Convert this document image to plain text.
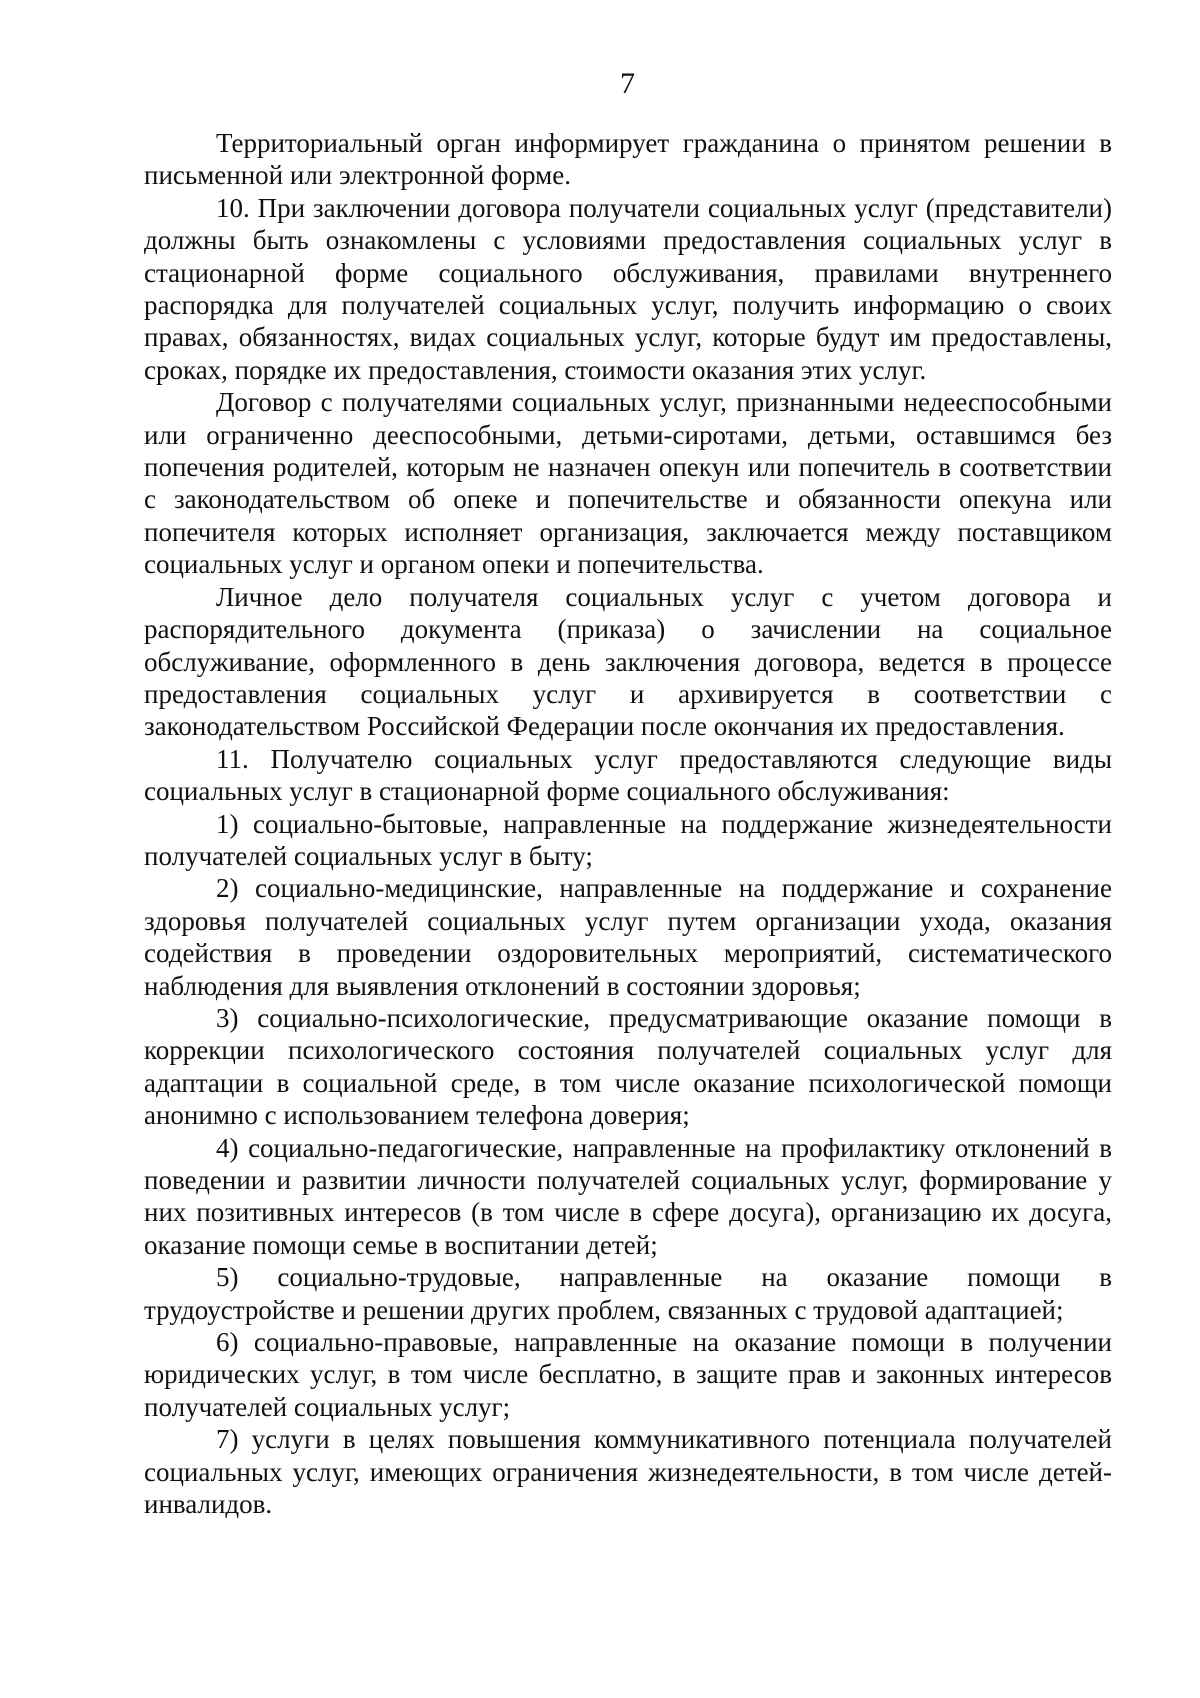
7

Территориальный орган информирует гражданина о принятом решении в письменной или электронной форме.

10. При заключении договора получатели социальных услуг (представители) должны быть ознакомлены с условиями предоставления социальных услуг в стационарной форме социального обслуживания, правилами внутреннего распорядка для получателей социальных услуг, получить информацию о своих правах, обязанностях, видах социальных услуг, которые будут им предоставлены, сроках, порядке их предоставления, стоимости оказания этих услуг.

Договор с получателями социальных услуг, признанными недееспособными или ограниченно дееспособными, детьми-сиротами, детьми, оставшимся без попечения родителей, которым не назначен опекун или попечитель в соответствии с законодательством об опеке и попечительстве и обязанности опекуна или попечителя которых исполняет организация, заключается между поставщиком социальных услуг и органом опеки и попечительства.

Личное дело получателя социальных услуг с учетом договора и распорядительного документа (приказа) о зачислении на социальное обслуживание, оформленного в день заключения договора, ведется в процессе предоставления социальных услуг и архивируется в соответствии с законодательством Российской Федерации после окончания их предоставления.

11. Получателю социальных услуг предоставляются следующие виды социальных услуг в стационарной форме социального обслуживания:

1) социально-бытовые, направленные на поддержание жизнедеятельности получателей социальных услуг в быту;

2) социально-медицинские, направленные на поддержание и сохранение здоровья получателей социальных услуг путем организации ухода, оказания содействия в проведении оздоровительных мероприятий, систематического наблюдения для выявления отклонений в состоянии здоровья;

3) социально-психологические, предусматривающие оказание помощи в коррекции психологического состояния получателей социальных услуг для адаптации в социальной среде, в том числе оказание психологической помощи анонимно с использованием телефона доверия;

4) социально-педагогические, направленные на профилактику отклонений в поведении и развитии личности получателей социальных услуг, формирование у них позитивных интересов (в том числе в сфере досуга), организацию их досуга, оказание помощи семье в воспитании детей;

5) социально-трудовые, направленные на оказание помощи в трудоустройстве и решении других проблем, связанных с трудовой адаптацией;

6) социально-правовые, направленные на оказание помощи в получении юридических услуг, в том числе бесплатно, в защите прав и законных интересов получателей социальных услуг;

7) услуги в целях повышения коммуникативного потенциала получателей социальных услуг, имеющих ограничения жизнедеятельности, в том числе детей-инвалидов.
